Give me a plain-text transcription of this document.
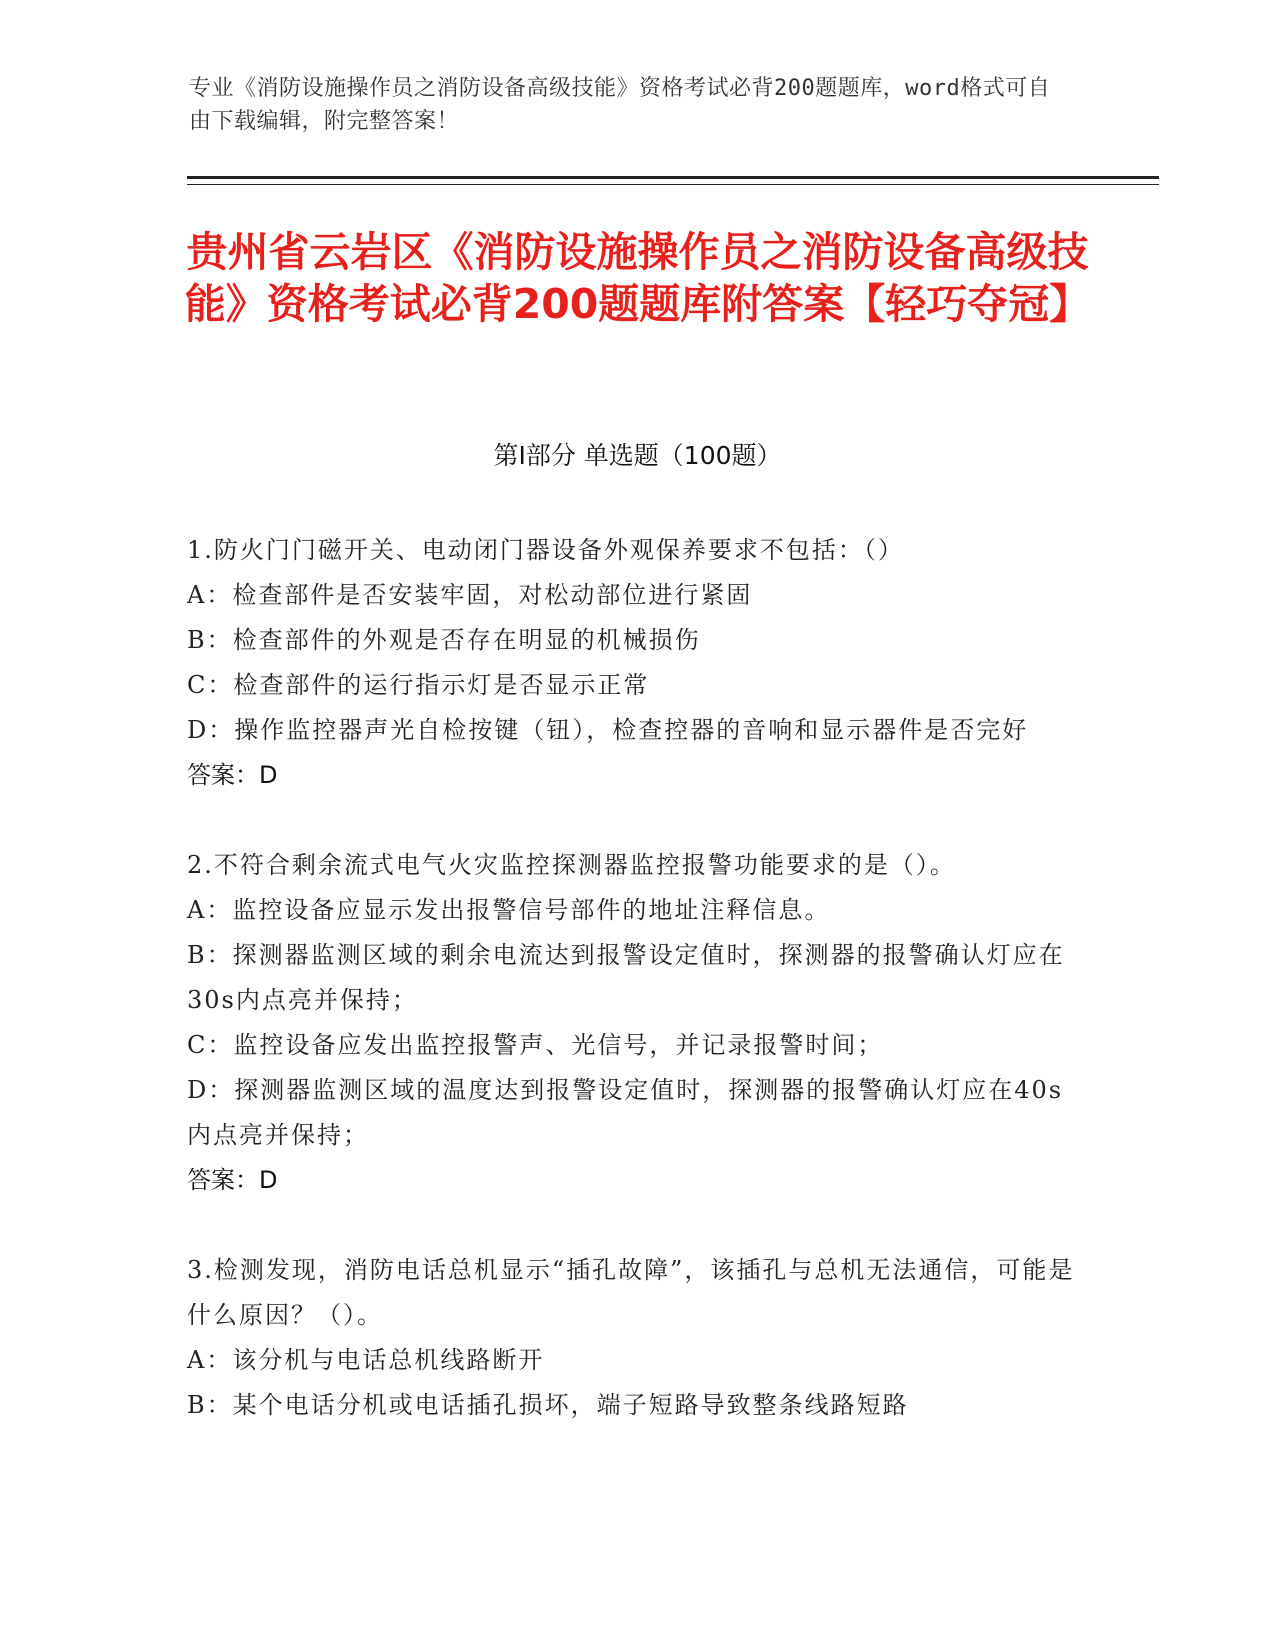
专业《消防设施操作员之消防设备高级技能》资格考试必背200题题库，word格式可自由下载编辑，附完整答案！
贵州省云岩区《消防设施操作员之消防设备高级技能》资格考试必背200题题库附答案【轻巧夺冠】
第I部分 单选题（100题）

1.防火门门磁开关、电动闭门器设备外观保养要求不包括：（）

A：检查部件是否安装牢固，对松动部位进行紧固

B：检查部件的外观是否存在明显的机械损伤

C：检查部件的运行指示灯是否显示正常

D：操作监控器声光自检按键（钮），检查控器的音响和显示器件是否完好

答案：D

2.不符合剩余流式电气火灾监控探测器监控报警功能要求的是（）。

A：监控设备应显示发出报警信号部件的地址注释信息。

B：探测器监测区域的剩余电流达到报警设定值时，探测器的报警确认灯应在30s内点亮并保持；

C：监控设备应发出监控报警声、光信号，并记录报警时间；

D：探测器监测区域的温度达到报警设定值时，探测器的报警确认灯应在40s内点亮并保持；

答案：D

3.检测发现，消防电话总机显示“插孔故障”，该插孔与总机无法通信，可能是什么原因？（）。

A：该分机与电话总机线路断开

B：某个电话分机或电话插孔损坏，端子短路导致整条线路短路
